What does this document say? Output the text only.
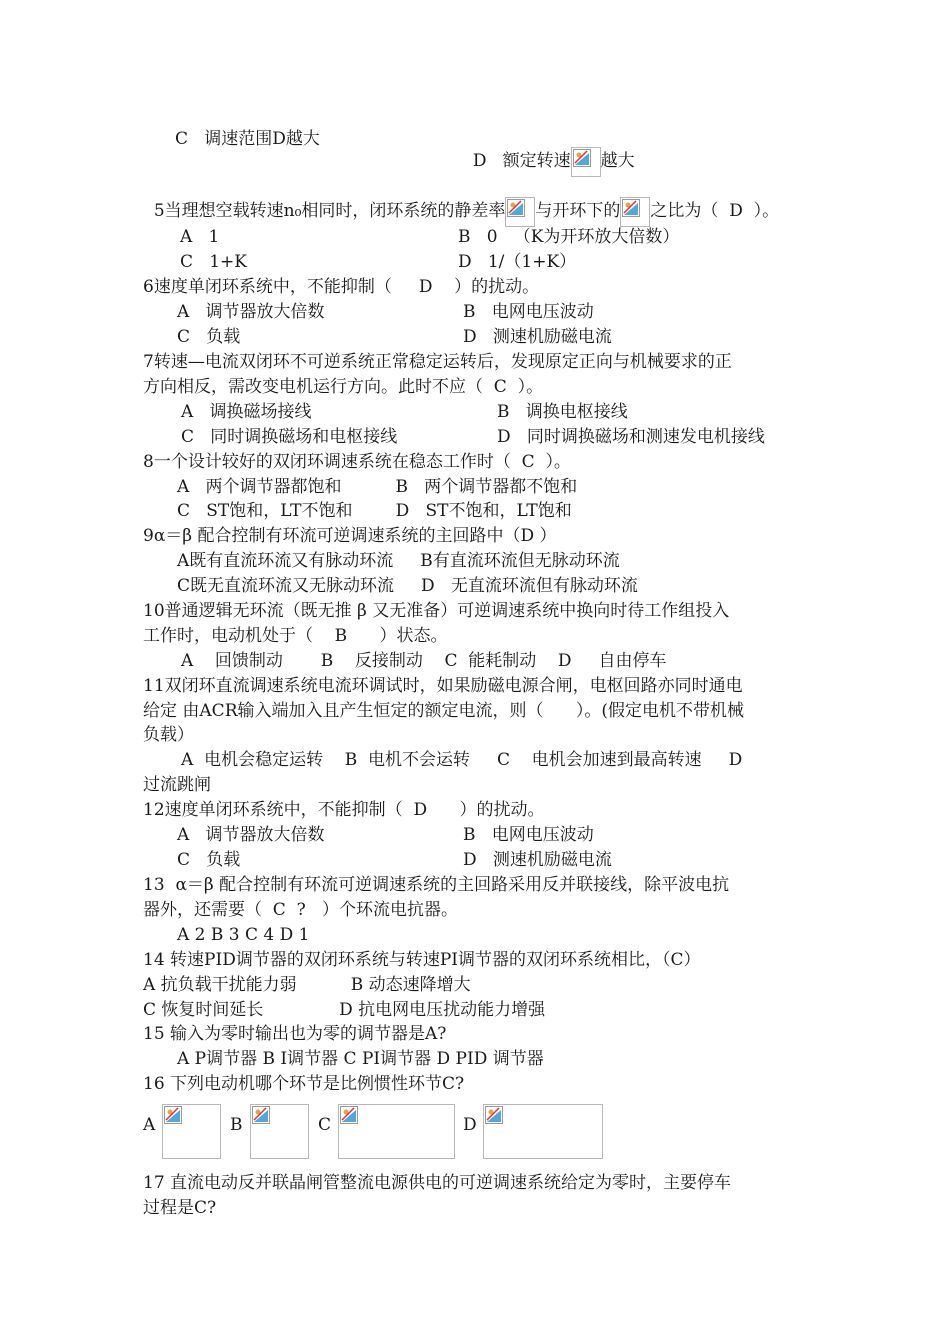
C   调速范围D越大

D   额定转速 越大

5当理想空载转速n₀相同时，闭环系统的静差率 与开环下的 之比为（  D  ）。

A   1	B   0   （K为开环放大倍数）
C   1+K	D   1/（1+K）
6速度单闭环系统中，不能抑制（     D    ）的扰动。
A   调节器放大倍数	B   电网电压波动
C   负载	D   测速机励磁电流
7转速—电流双闭环不可逆系统正常稳定运转后，发现原定正向与机械要求的正
方向相反，需改变电机运行方向。此时不应（  C  ）。
A   调换磁场接线	B   调换电枢接线
C   同时调换磁场和电枢接线	D   同时调换磁场和测速发电机接线
8一个设计较好的双闭环调速系统在稳态工作时（  C  ）。
A   两个调节器都饱和          B   两个调节器都不饱和
C   ST饱和，LT不饱和        D   ST不饱和，LT饱和
9α＝β 配合控制有环流可逆调速系统的主回路中（D ）
A既有直流环流又有脉动环流     B有直流环流但无脉动环流
C既无直流环流又无脉动环流     D   无直流环流但有脉动环流
10普通逻辑无环流（既无推 β 又无准备）可逆调速系统中换向时待工作组投入
工作时，电动机处于（    B      ）状态。
A    回馈制动       B    反接制动    C  能耗制动    D     自由停车
11双闭环直流调速系统电流环调试时，如果励磁电源合闸，电枢回路亦同时通电
给定 由ACR输入端加入且产生恒定的额定电流，则（      ）。(假定电机不带机械
负载）
A  电机会稳定运转    B  电机不会运转     C    电机会加速到最高转速     D
过流跳闸
12速度单闭环系统中，不能抑制（  D      ）的扰动。
A   调节器放大倍数	B   电网电压波动
C   负载	D   测速机励磁电流
13  α＝β 配合控制有环流可逆调速系统的主回路采用反并联接线，除平波电抗
器外，还需要（  C  ?   ）个环流电抗器。
A 2 B 3 C 4 D 1
14 转速PID调节器的双闭环系统与转速PI调节器的双闭环系统相比，（C）
A 抗负载干扰能力弱          B 动态速降增大
C 恢复时间延长              D 抗电网电压扰动能力增强
15 输入为零时输出也为零的调节器是A?
A P调节器 B I调节器 C PI调节器 D PID 调节器
16 下列电动机哪个环节是比例惯性环节C?
A	B	C	D
17 直流电动反并联晶闸管整流电源供电的可逆调速系统给定为零时，主要停车
过程是C?
